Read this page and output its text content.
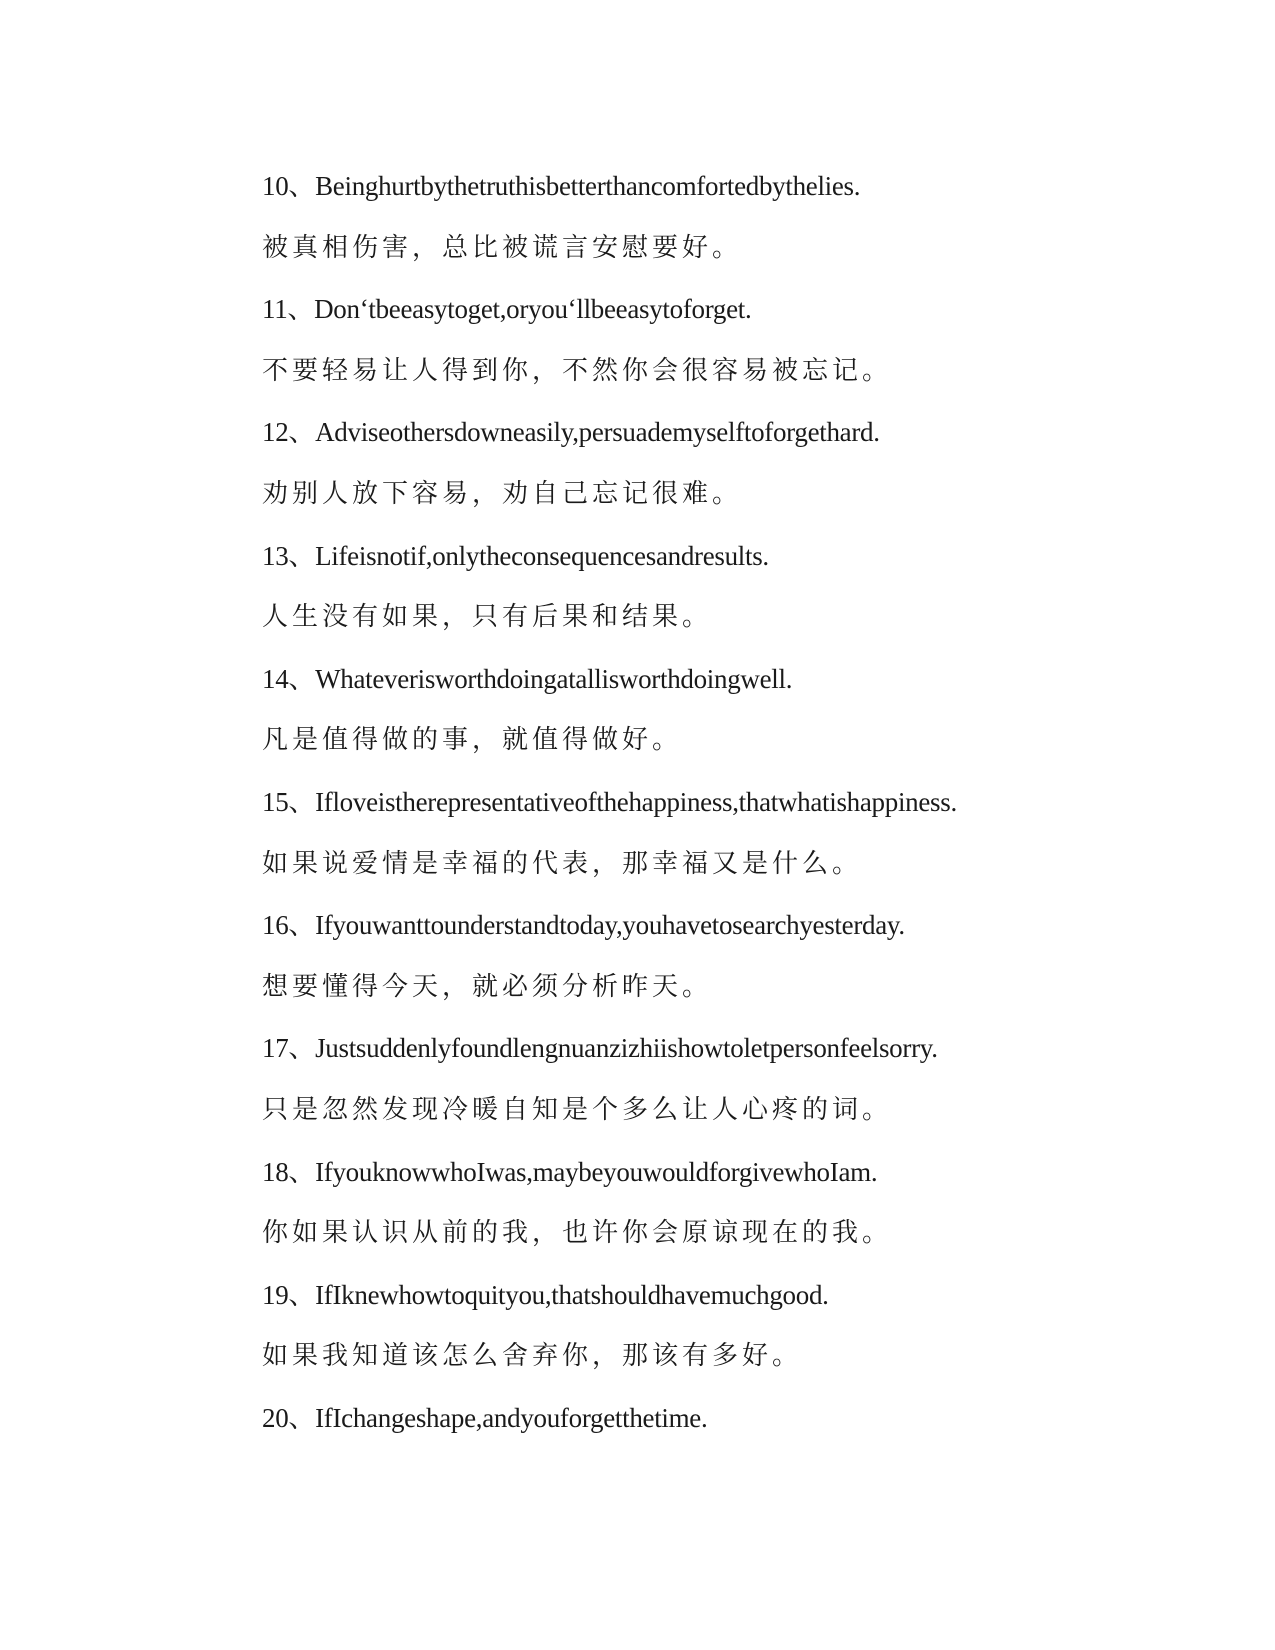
10、Beinghurtbythetruthisbetterthancomfortedbythelies.
被真相伤害，总比被谎言安慰要好。
11、Don‘tbeeasytoget,oryou‘llbeeasytoforget.
不要轻易让人得到你，不然你会很容易被忘记。
12、Adviseothersdowneasily,persuademyselftoforgethard.
劝别人放下容易，劝自己忘记很难。
13、Lifeisnotif,onlytheconsequencesandresults.
人生没有如果，只有后果和结果。
14、Whateverisworthdoingatallisworthdoingwell.
凡是值得做的事，就值得做好。
15、Ifloveistherepresentativeofthehappiness,thatwhatishappiness.
如果说爱情是幸福的代表，那幸福又是什么。
16、Ifyouwanttounderstandtoday,youhavetosearchyesterday.
想要懂得今天，就必须分析昨天。
17、Justsuddenlyfoundlengnuanzizhiishowtoletpersonfeelsorry.
只是忽然发现冷暖自知是个多么让人心疼的词。
18、IfyouknowwhoIwas,maybeyouwouldforgivewhoIam.
你如果认识从前的我，也许你会原谅现在的我。
19、IfIknewhowtoquityou,thatshouldhavemuchgood.
如果我知道该怎么舍弃你，那该有多好。
20、IfIchangeshape,andyouforgetthetime.
